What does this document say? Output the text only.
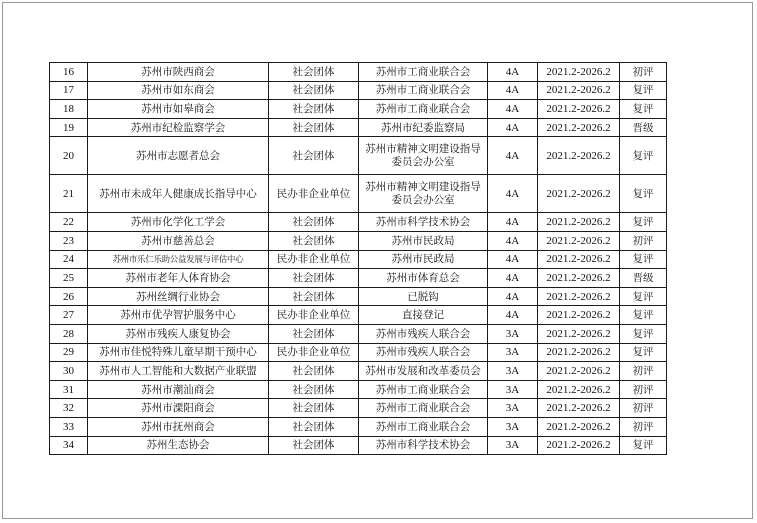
16	苏州市陕西商会	社会团体	苏州市工商业联合会	4A	2021.2-2026.2	初评
17	苏州市如东商会	社会团体	苏州市工商业联合会	4A	2021.2-2026.2	复评
18	苏州市如皋商会	社会团体	苏州市工商业联合会	4A	2021.2-2026.2	复评
19	苏州市纪检监察学会	社会团体	苏州市纪委监察局	4A	2021.2-2026.2	晋级
20	苏州市志愿者总会	社会团体	苏州市精神文明建设指导委员会办公室	4A	2021.2-2026.2	复评
21	苏州市未成年人健康成长指导中心	民办非企业单位	苏州市精神文明建设指导委员会办公室	4A	2021.2-2026.2	复评
22	苏州市化学化工学会	社会团体	苏州市科学技术协会	4A	2021.2-2026.2	复评
23	苏州市慈善总会	社会团体	苏州市民政局	4A	2021.2-2026.2	初评
24	苏州市乐仁乐助公益发展与评估中心	民办非企业单位	苏州市民政局	4A	2021.2-2026.2	复评
25	苏州市老年人体育协会	社会团体	苏州市体育总会	4A	2021.2-2026.2	晋级
26	苏州丝绸行业协会	社会团体	已脱钩	4A	2021.2-2026.2	复评
27	苏州市优孕智护服务中心	民办非企业单位	直接登记	4A	2021.2-2026.2	复评
28	苏州市残疾人康复协会	社会团体	苏州市残疾人联合会	3A	2021.2-2026.2	复评
29	苏州市佳悦特殊儿童早期干预中心	民办非企业单位	苏州市残疾人联合会	3A	2021.2-2026.2	复评
30	苏州市人工智能和大数据产业联盟	社会团体	苏州市发展和改革委员会	3A	2021.2-2026.2	初评
31	苏州市潮汕商会	社会团体	苏州市工商业联合会	3A	2021.2-2026.2	初评
32	苏州市溧阳商会	社会团体	苏州市工商业联合会	3A	2021.2-2026.2	初评
33	苏州市抚州商会	社会团体	苏州市工商业联合会	3A	2021.2-2026.2	初评
34	苏州生态协会	社会团体	苏州市科学技术协会	3A	2021.2-2026.2	复评
